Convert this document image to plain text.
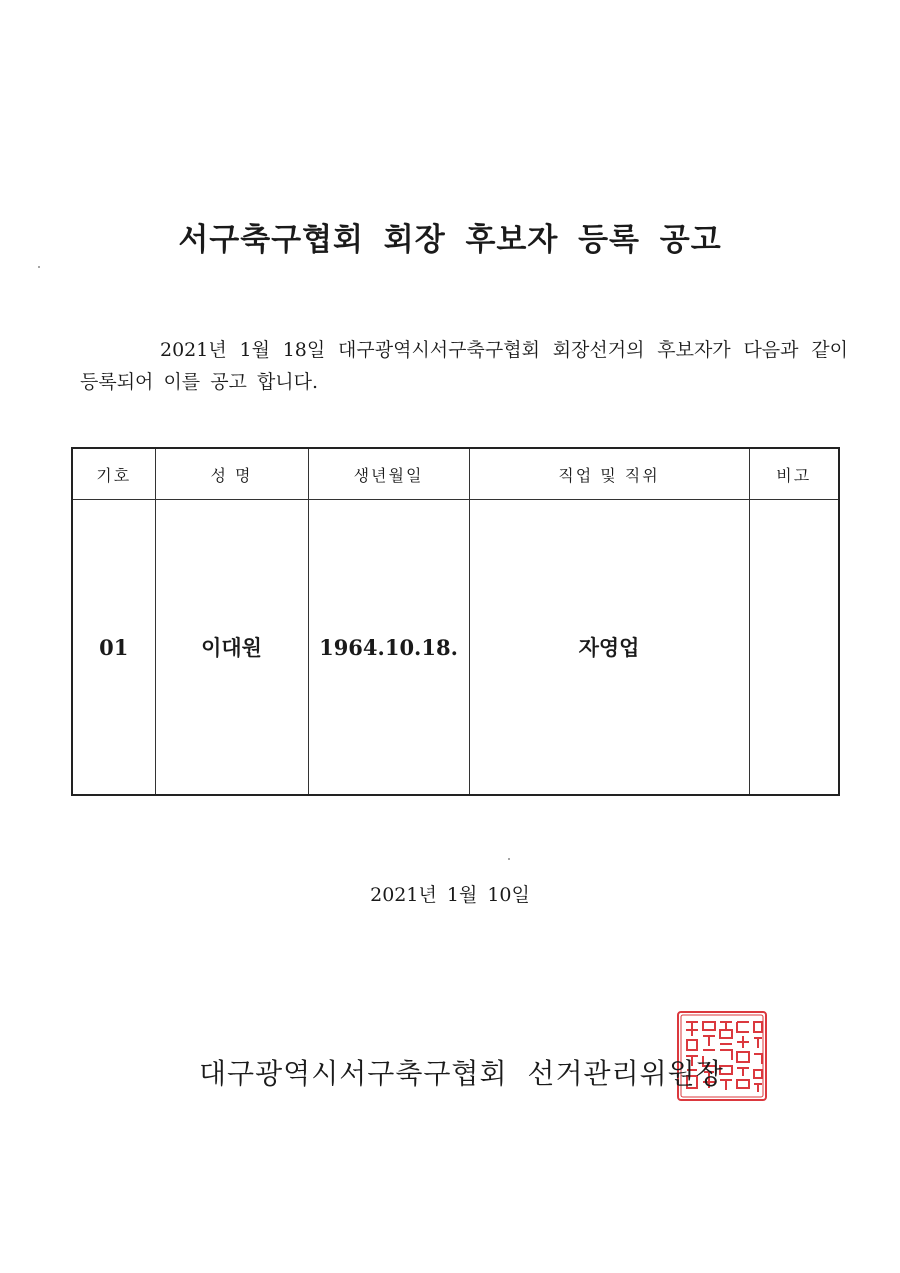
서구축구협회 회장 후보자 등록 공고
2021년 1월 18일 대구광역시서구축구협회 회장선거의 후보자가 다음과 같이 등록되어 이를 공고 합니다.
기호	성 명	생년월일	직업 및 직위	비고
01	이대원	1964.10.18.	자영업	
2021년 1월 10일
대구광역시서구축구협회 선거관리위원장
